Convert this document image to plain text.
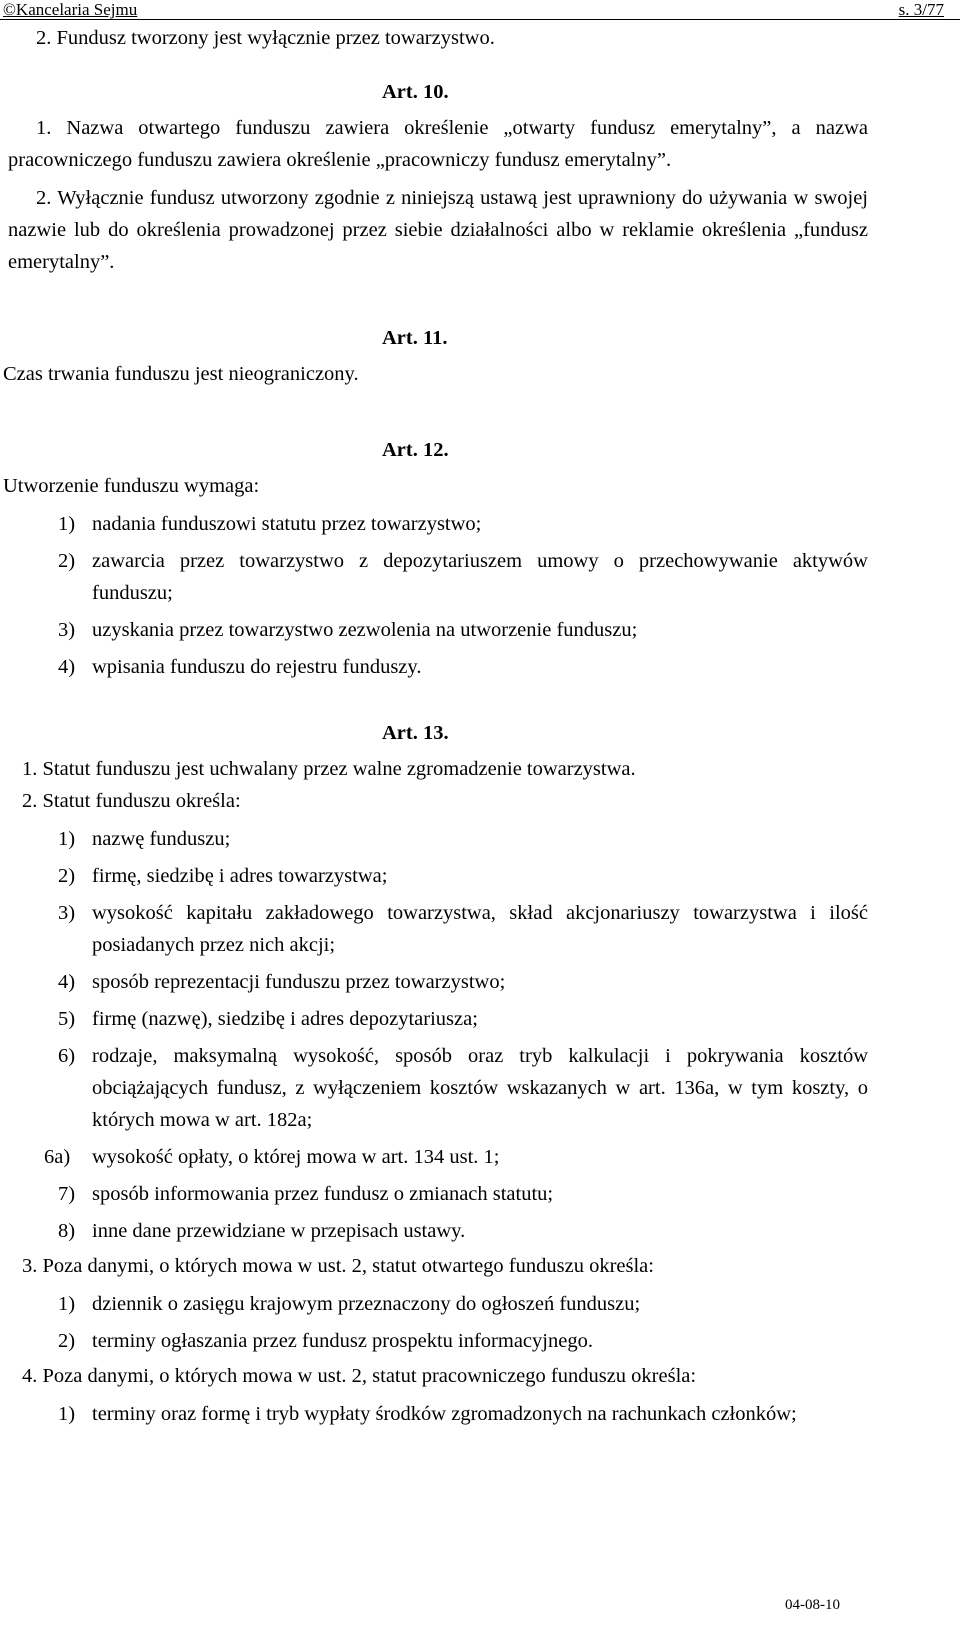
©Kancelaria Sejmu	s. 3/77
2. Fundusz tworzony jest wyłącznie przez towarzystwo.
Art. 10.
1. Nazwa otwartego funduszu zawiera określenie „otwarty fundusz emerytalny”, a nazwa pracowniczego funduszu zawiera określenie „pracowniczy fundusz emerytalny”.
2. Wyłącznie fundusz utworzony zgodnie z niniejszą ustawą jest uprawniony do używania w swojej nazwie lub do określenia prowadzonej przez siebie działalności albo w reklamie określenia „fundusz emerytalny”.
Art. 11.
Czas trwania funduszu jest nieograniczony.
Art. 12.
Utworzenie funduszu wymaga:
1) nadania funduszowi statutu przez towarzystwo;
2) zawarcia przez towarzystwo z depozytariuszem umowy o przechowywanie aktywów funduszu;
3) uzyskania przez towarzystwo zezwolenia na utworzenie funduszu;
4) wpisania funduszu do rejestru funduszy.
Art. 13.
1. Statut funduszu jest uchwalany przez walne zgromadzenie towarzystwa.
2. Statut funduszu określa:
1) nazwę funduszu;
2) firmę, siedzibę i adres towarzystwa;
3) wysokość kapitału zakładowego towarzystwa, skład akcjonariuszy towarzystwa i ilość posiadanych przez nich akcji;
4) sposób reprezentacji funduszu przez towarzystwo;
5) firmę (nazwę), siedzibę i adres depozytariusza;
6) rodzaje, maksymalną wysokość, sposób oraz tryb kalkulacji i pokrywania kosztów obciążających fundusz, z wyłączeniem kosztów wskazanych w art. 136a, w tym koszty, o których mowa w art. 182a;
6a) wysokość opłaty, o której mowa w art. 134 ust. 1;
7) sposób informowania przez fundusz o zmianach statutu;
8) inne dane przewidziane w przepisach ustawy.
3. Poza danymi, o których mowa w ust. 2, statut otwartego funduszu określa:
1) dziennik o zasięgu krajowym przeznaczony do ogłoszeń funduszu;
2) terminy ogłaszania przez fundusz prospektu informacyjnego.
4. Poza danymi, o których mowa w ust. 2, statut pracowniczego funduszu określa:
1) terminy oraz formę i tryb wypłaty środków zgromadzonych na rachunkach członków;
04-08-10
